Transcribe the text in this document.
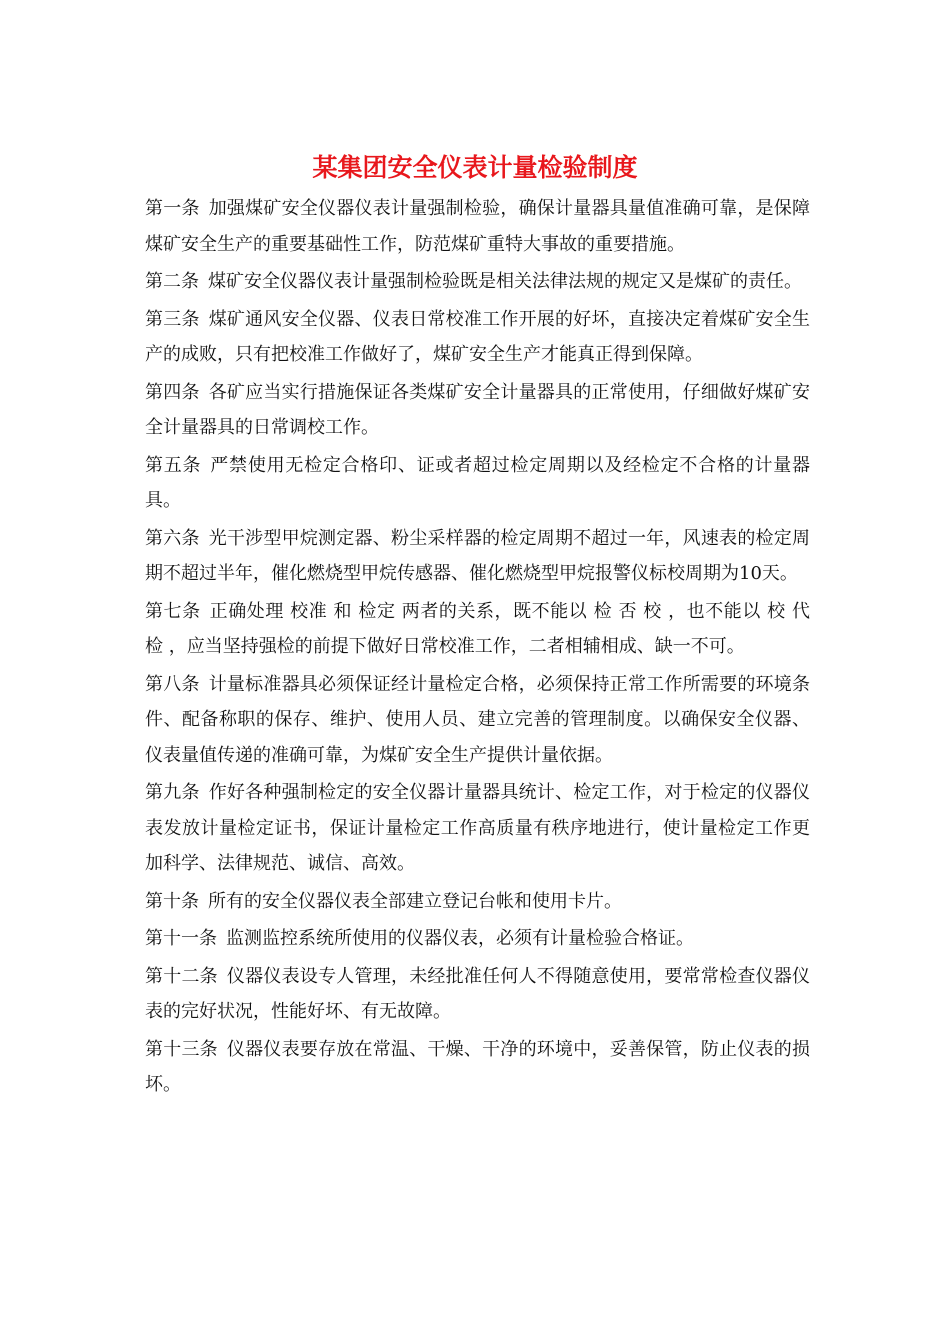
某集团安全仪表计量检验制度

第一条 加强煤矿安全仪器仪表计量强制检验，确保计量器具量值准确可靠，是保障煤矿安全生产的重要基础性工作，防范煤矿重特大事故的重要措施。

第二条 煤矿安全仪器仪表计量强制检验既是相关法律法规的规定又是煤矿的责任。

第三条 煤矿通风安全仪器、仪表日常校准工作开展的好坏，直接决定着煤矿安全生产的成败，只有把校准工作做好了，煤矿安全生产才能真正得到保障。

第四条 各矿应当实行措施保证各类煤矿安全计量器具的正常使用，仔细做好煤矿安全计量器具的日常调校工作。

第五条 严禁使用无检定合格印、证或者超过检定周期以及经检定不合格的计量器具。

第六条 光干涉型甲烷测定器、粉尘采样器的检定周期不超过一年，风速表的检定周期不超过半年，催化燃烧型甲烷传感器、催化燃烧型甲烷报警仪标校周期为10天。

第七条 正确处理 校准 和 检定 两者的关系，既不能以 检 否 校 ，也不能以 校 代 检 ，应当坚持强检的前提下做好日常校准工作，二者相辅相成、缺一不可。

第八条 计量标准器具必须保证经计量检定合格，必须保持正常工作所需要的环境条件、配备称职的保存、维护、使用人员、建立完善的管理制度。以确保安全仪器、仪表量值传递的准确可靠，为煤矿安全生产提供计量依据。

第九条 作好各种强制检定的安全仪器计量器具统计、检定工作，对于检定的仪器仪表发放计量检定证书，保证计量检定工作高质量有秩序地进行，使计量检定工作更加科学、法律规范、诚信、高效。

第十条 所有的安全仪器仪表全部建立登记台帐和使用卡片。

第十一条 监测监控系统所使用的仪器仪表，必须有计量检验合格证。

第十二条 仪器仪表设专人管理，未经批准任何人不得随意使用，要常常检查仪器仪表的完好状况，性能好坏、有无故障。

第十三条 仪器仪表要存放在常温、干燥、干净的环境中，妥善保管，防止仪表的损坏。
